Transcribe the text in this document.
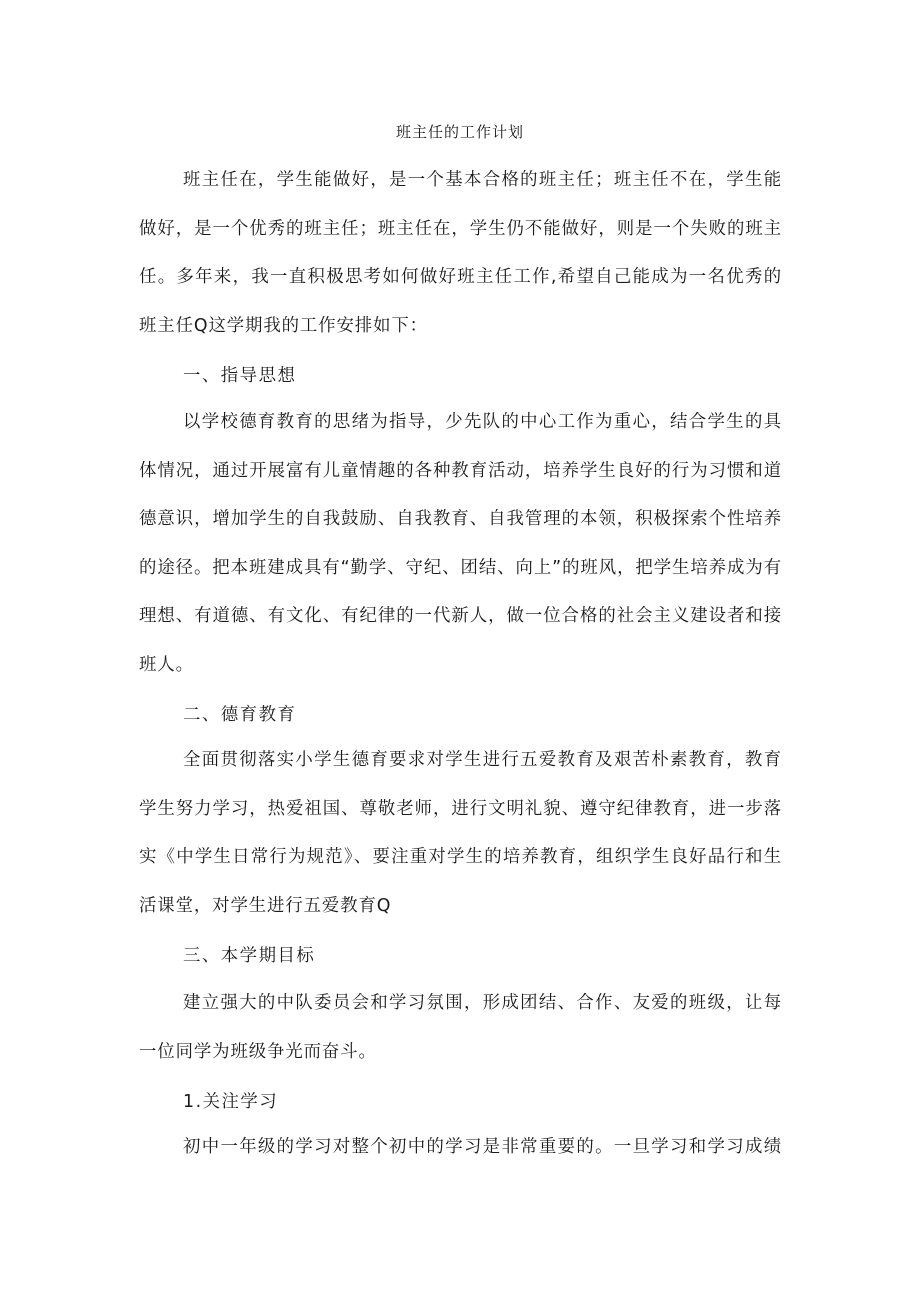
班主任的工作计划

班主任在，学生能做好，是一个基本合格的班主任；班主任不在，学生能做好，是一个优秀的班主任；班主任在，学生仍不能做好，则是一个失败的班主任。多年来，我一直积极思考如何做好班主任工作,希望自己能成为一名优秀的班主任Q这学期我的工作安排如下：

一、指导思想

以学校德育教育的思绪为指导，少先队的中心工作为重心，结合学生的具体情况，通过开展富有儿童情趣的各种教育活动，培养学生良好的行为习惯和道德意识，增加学生的自我鼓励、自我教育、自我管理的本领，积极探索个性培养的途径。把本班建成具有“勤学、守纪、团结、向上”的班风，把学生培养成为有理想、有道德、有文化、有纪律的一代新人，做一位合格的社会主义建设者和接班人。

二、德育教育

全面贯彻落实小学生德育要求对学生进行五爱教育及艰苦朴素教育，教育学生努力学习，热爱祖国、尊敬老师，进行文明礼貌、遵守纪律教育，进一步落实《中学生日常行为规范》、要注重对学生的培养教育，组织学生良好品行和生活课堂，对学生进行五爱教育Q

三、本学期目标

建立强大的中队委员会和学习氛围，形成团结、合作、友爱的班级，让每一位同学为班级争光而奋斗。

1.关注学习

初中一年级的学习对整个初中的学习是非常重要的。一旦学习和学习成绩
